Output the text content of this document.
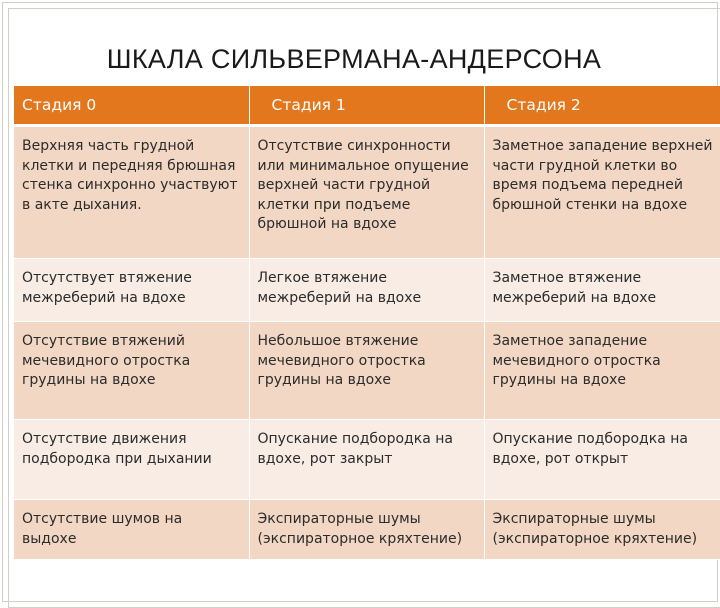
ШКАЛА СИЛЬВЕРМАНА-АНДЕРСОНА
Стадия 0	Стадия 1	Стадия 2
Верхняя часть грудной клетки и передняя брюшная стенка синхронно участвуют в акте дыхания.	Отсутствие синхронности или минимальное опущение верхней части грудной клетки при подъеме брюшной на вдохе	Заметное западение верхней части грудной клетки во время подъема передней брюшной стенки на вдохе
Отсутствует втяжение межреберий на вдохе	Легкое втяжение межреберий на вдохе	Заметное втяжение межреберий на вдохе
Отсутствие втяжений мечевидного отростка грудины на вдохе	Небольшое втяжение мечевидного отростка грудины на вдохе	Заметное западение мечевидного отростка грудины на вдохе
Отсутствие движения подбородка при дыхании	Опускание подбородка на вдохе, рот закрыт	Опускание подбородка на вдохе, рот открыт
Отсутствие шумов на выдохе	Экспираторные шумы (экспираторное кряхтение)	Экспираторные шумы (экспираторное кряхтение)
